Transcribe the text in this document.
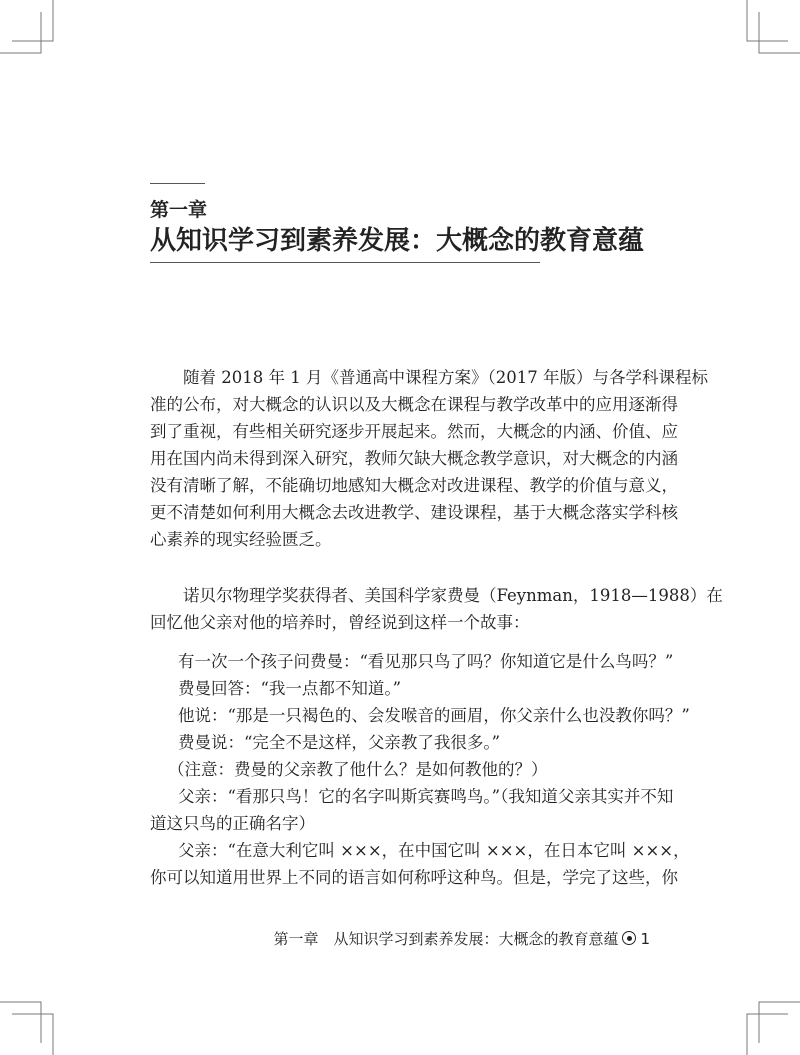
第一章
从知识学习到素养发展：大概念的教育意蕴
随着 2018 年 1 月《普通高中课程方案》（2017 年版）与各学科课程标
准的公布，对大概念的认识以及大概念在课程与教学改革中的应用逐渐得
到了重视，有些相关研究逐步开展起来。然而，大概念的内涵、价值、应
用在国内尚未得到深入研究，教师欠缺大概念教学意识，对大概念的内涵
没有清晰了解，不能确切地感知大概念对改进课程、教学的价值与意义，
更不清楚如何利用大概念去改进教学、建设课程，基于大概念落实学科核
心素养的现实经验匮乏。
诺贝尔物理学奖获得者、美国科学家费曼（Feynman，1918—1988）在
回忆他父亲对他的培养时，曾经说到这样一个故事：
有一次一个孩子问费曼：“看见那只鸟了吗？你知道它是什么鸟吗？”
费曼回答：“我一点都不知道。”
他说：“那是一只褐色的、会发喉音的画眉，你父亲什么也没教你吗？”
费曼说：“完全不是这样，父亲教了我很多。”
（注意：费曼的父亲教了他什么？是如何教他的？）
父亲：“看那只鸟！它的名字叫斯宾赛鸣鸟。”（我知道父亲其实并不知
道这只鸟的正确名字）
父亲：“在意大利它叫 ×××，在中国它叫 ×××，在日本它叫 ×××，
你可以知道用世界上不同的语言如何称呼这种鸟。但是，学完了这些，你
第一章　从知识学习到素养发展：大概念的教育意蕴 1
